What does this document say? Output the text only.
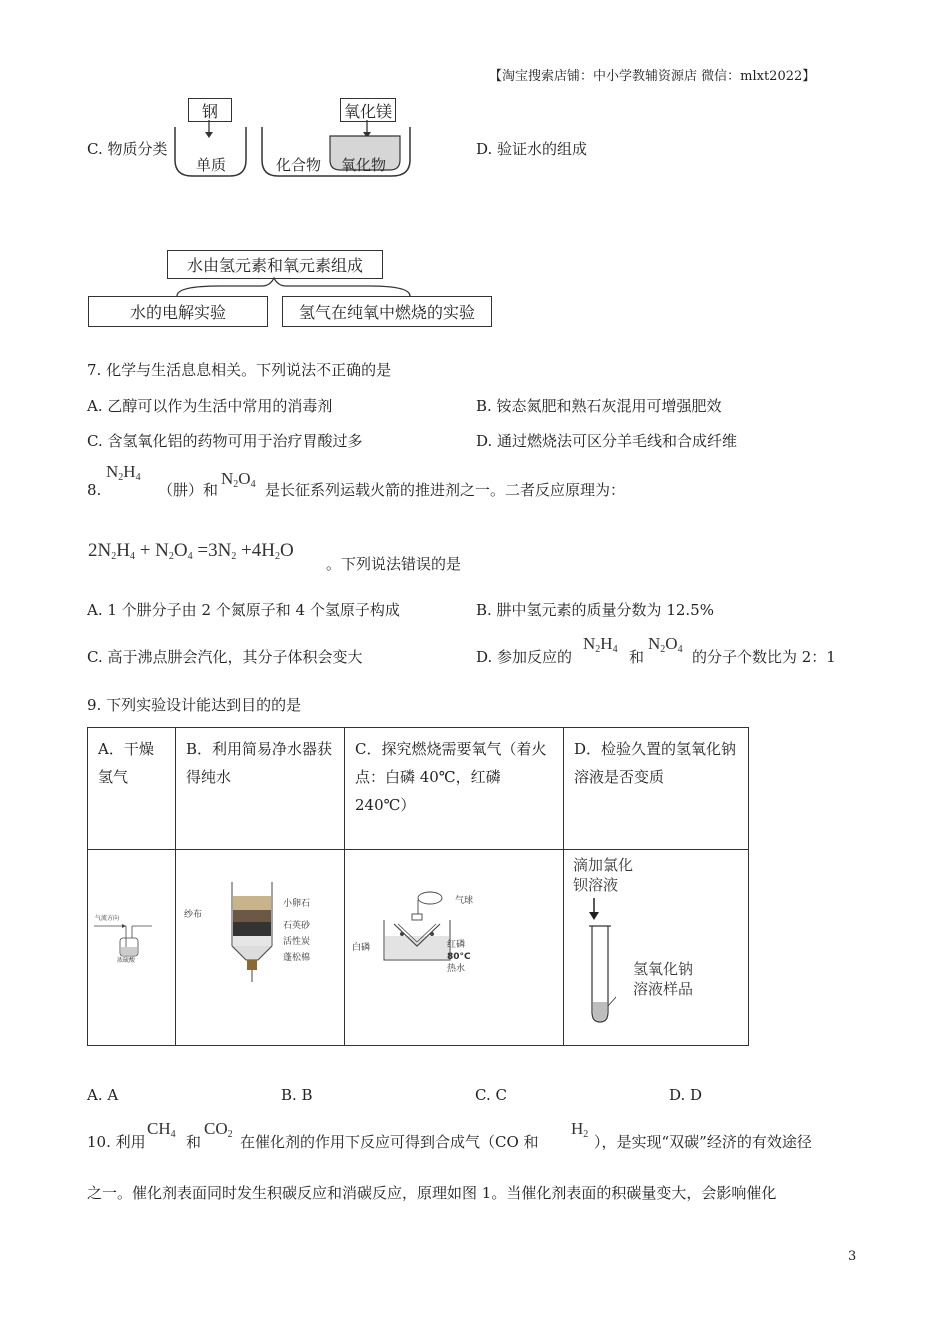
【淘宝搜索店铺：中小学教辅资源店 微信：mlxt2022】
C. 物质分类
钢	氧化镁
单质	化合物 氧化物
D. 验证水的组成
水由氢元素和氧元素组成
水的电解实验	氢气在纯氧中燃烧的实验
7. 化学与生活息息相关。下列说法不正确的是
A. 乙醇可以作为生活中常用的消毒剂	B. 铵态氮肥和熟石灰混用可增强肥效
C. 含氢氧化铝的药物可用于治疗胃酸过多	D. 通过燃烧法可区分羊毛线和合成纤维
8.
$N_2H_4$
（肼）和
$N_2O_4$ 是长征系列运载火箭的推进剂之一。二者反应原理为：
$2N_2H_4 + N_2O_4 =3N_2 +4H_2O$
。下列说法错误的是
A. 1 个肼分子由 2 个氮原子和 4 个氢原子构成	B. 肼中氢元素的质量分数为 12.5%
C. 高于沸点肼会汽化，其分子体积会变大	D. 参加反应的
$N_2H_4$ 和
$N_2O_4$ 的分子个数比为 2：1
9. 下列实验设计能达到目的的是
A．干燥氢气	B．利用简易净水器获得纯水	C．探究燃烧需要氧气（着火点：白磷 40℃，红磷 240℃）	D．检验久置的氢氧化钠溶液是否变质

气流方向
浓硫酸
纱布
小卵石
石英砂
活性炭
蓬松棉
气球
白磷	红磷
80°C
热水
滴加氯化
钡溶液
氢氧化钠
溶液样品
A. A	B. B	C. C	D. D
10. 利用
$CH_4$ 和
$CO_2$ 在催化剂的作用下反应可得到合成气（CO 和
$H_2$ ），是实现“双碳”经济的有效途径
之一。催化剂表面同时发生积碳反应和消碳反应，原理如图 1。当催化剂表面的积碳量变大，会影响催化
3
